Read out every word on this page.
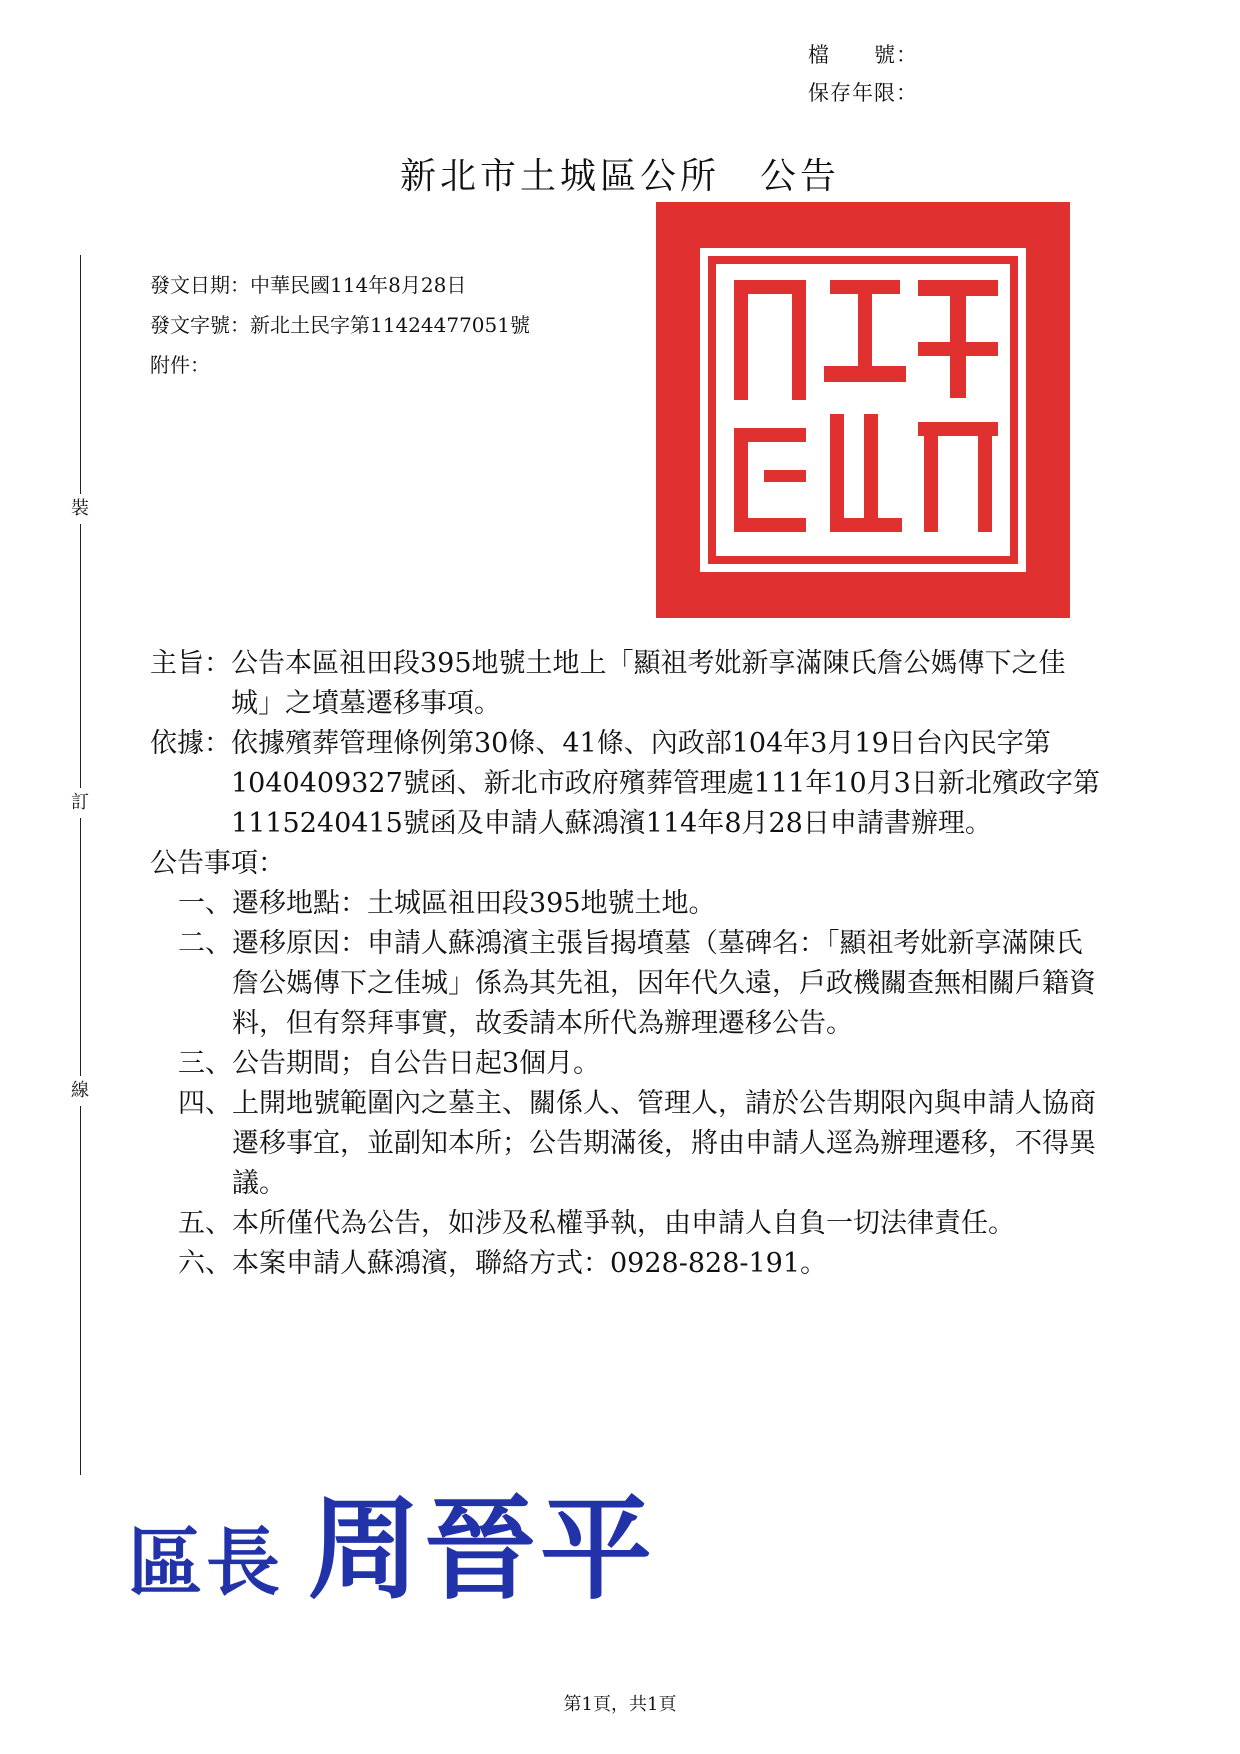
檔　　號：
保存年限：
新北市土城區公所　公告
裝
訂
線
發文日期：中華民國114年8月28日
發文字號：新北土民字第11424477051號
附件：
主旨： 公告本區祖田段395地號土地上「顯祖考妣新享滿陳氏詹公媽傳下之佳城」之墳墓遷移事項。
依據： 依據殯葬管理條例第30條、41條、內政部104年3月19日台內民字第1040409327號函、新北市政府殯葬管理處111年10月3日新北殯政字第1115240415號函及申請人蘇鴻濱114年8月28日申請書辦理。
公告事項：
一、 遷移地點：土城區祖田段395地號土地。
二、 遷移原因：申請人蘇鴻濱主張旨揭墳墓（墓碑名：「顯祖考妣新享滿陳氏詹公媽傳下之佳城」係為其先祖，因年代久遠，戶政機關查無相關戶籍資料，但有祭拜事實，故委請本所代為辦理遷移公告。
三、 公告期間；自公告日起3個月。
四、 上開地號範圍內之墓主、關係人、管理人，請於公告期限內與申請人協商遷移事宜，並副知本所；公告期滿後，將由申請人逕為辦理遷移，不得異議。
五、 本所僅代為公告，如涉及私權爭執，由申請人自負一切法律責任。
六、 本案申請人蘇鴻濱，聯絡方式：0928-828-191。
區長 周晉平
第1頁，共1頁
